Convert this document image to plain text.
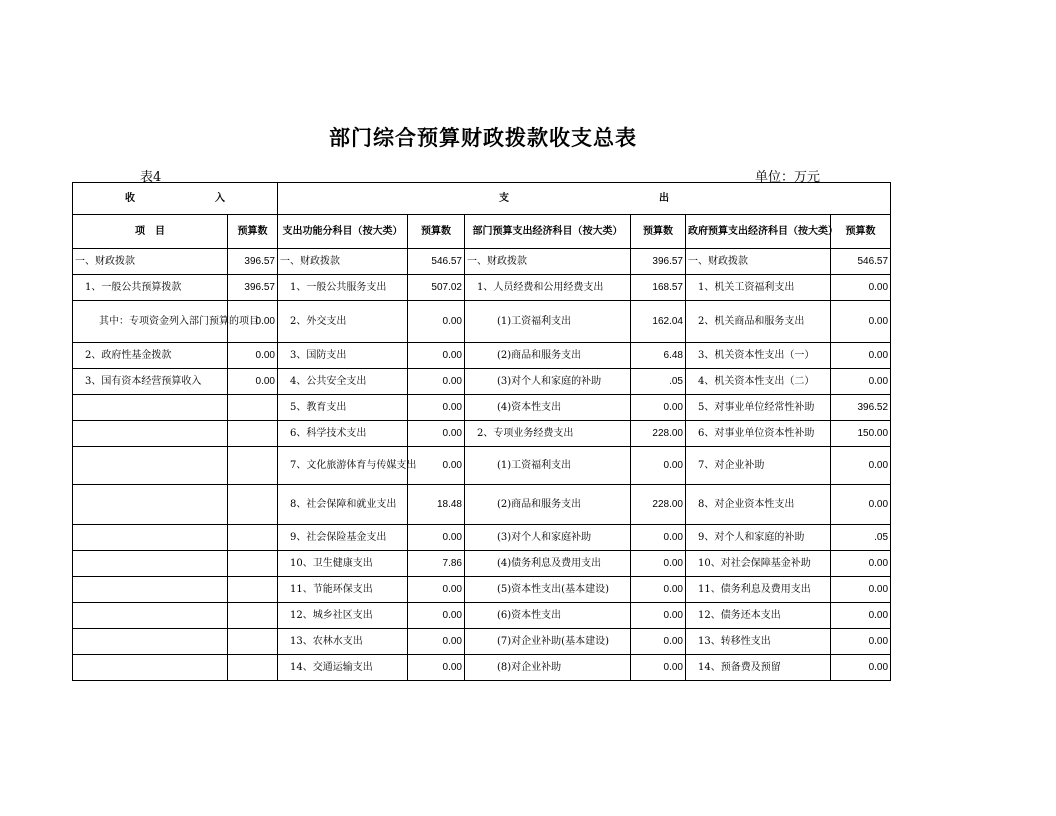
部门综合预算财政拨款收支总表
表4	单位：万元
收 入		支 出					
项　目	预算数	支出功能分科目（按大类）	预算数	部门预算支出经济科目（按大类）	预算数	政府预算支出经济科目（按大类）	预算数
一、财政拨款	396.57	一、财政拨款	546.57	一、财政拨款	396.57	一、财政拨款	546.57
　1、一般公共预算拨款	396.57	　1、一般公共服务支出	507.02	　1、人员经费和公用经费支出	168.57	　1、机关工资福利支出	0.00
其中：专项资金列入部门预算的项目	0.00	　2、外交支出	0.00	　　　(1)工资福利支出	162.04	　2、机关商品和服务支出	0.00
　2、政府性基金拨款	0.00	　3、国防支出	0.00	　　　(2)商品和服务支出	6.48	　3、机关资本性支出（一）	0.00
　3、国有资本经营预算收入	0.00	　4、公共安全支出	0.00	　　　(3)对个人和家庭的补助	.05	　4、机关资本性支出（二）	0.00
		　5、教育支出	0.00	　　　(4)资本性支出	0.00	　5、对事业单位经常性补助	396.52
		　6、科学技术支出	0.00	　2、专项业务经费支出	228.00	　6、对事业单位资本性补助	150.00
		　7、文化旅游体育与传媒支出	0.00	　　　(1)工资福利支出	0.00	　7、对企业补助	0.00
		　8、社会保障和就业支出	18.48	　　　(2)商品和服务支出	228.00	　8、对企业资本性支出	0.00
		　9、社会保险基金支出	0.00	　　　(3)对个人和家庭补助	0.00	　9、对个人和家庭的补助	.05
		　10、卫生健康支出	7.86	　　　(4)债务利息及费用支出	0.00	　10、对社会保障基金补助	0.00
		　11、节能环保支出	0.00	　　　(5)资本性支出(基本建设)	0.00	　11、债务利息及费用支出	0.00
		　12、城乡社区支出	0.00	　　　(6)资本性支出	0.00	　12、债务还本支出	0.00
		　13、农林水支出	0.00	　　　(7)对企业补助(基本建设)	0.00	　13、转移性支出	0.00
		　14、交通运输支出	0.00	　　　(8)对企业补助	0.00	　14、预备费及预留	0.00
